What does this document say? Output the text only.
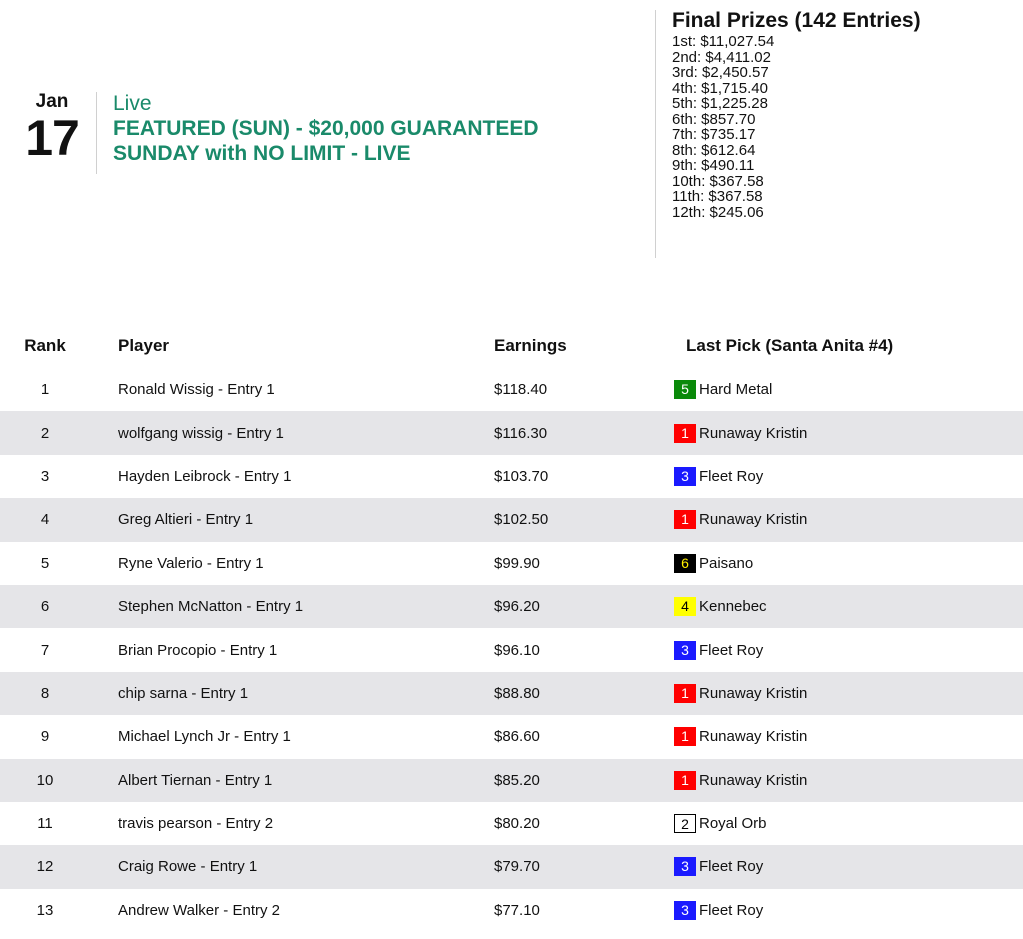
Jan
17
Live
FEATURED (SUN) - $20,000 GUARANTEED
SUNDAY with NO LIMIT - LIVE
Final Prizes (142 Entries)
1st: $11,027.54
2nd: $4,411.02
3rd: $2,450.57
4th: $1,715.40
5th: $1,225.28
6th: $857.70
7th: $735.17
8th: $612.64
9th: $490.11
10th: $367.58
11th: $367.58
12th: $245.06
Rank	Player	Earnings	Last Pick (Santa Anita #4)
1	Ronald Wissig - Entry 1	$118.40	5 Hard Metal

2	wolfgang wissig - Entry 1	$116.30	1 Runaway Kristin

3	Hayden Leibrock - Entry 1	$103.70	3 Fleet Roy

4	Greg Altieri - Entry 1	$102.50	1 Runaway Kristin

5	Ryne Valerio - Entry 1	$99.90	6 Paisano

6	Stephen McNatton - Entry 1	$96.20	4 Kennebec

7	Brian Procopio - Entry 1	$96.10	3 Fleet Roy

8	chip sarna - Entry 1	$88.80	1 Runaway Kristin

9	Michael Lynch Jr - Entry 1	$86.60	1 Runaway Kristin

10	Albert Tiernan - Entry 1	$85.20	1 Runaway Kristin

11	travis pearson - Entry 2	$80.20	2 Royal Orb

12	Craig Rowe - Entry 1	$79.70	3 Fleet Roy

13	Andrew Walker - Entry 2	$77.10	3 Fleet Roy
